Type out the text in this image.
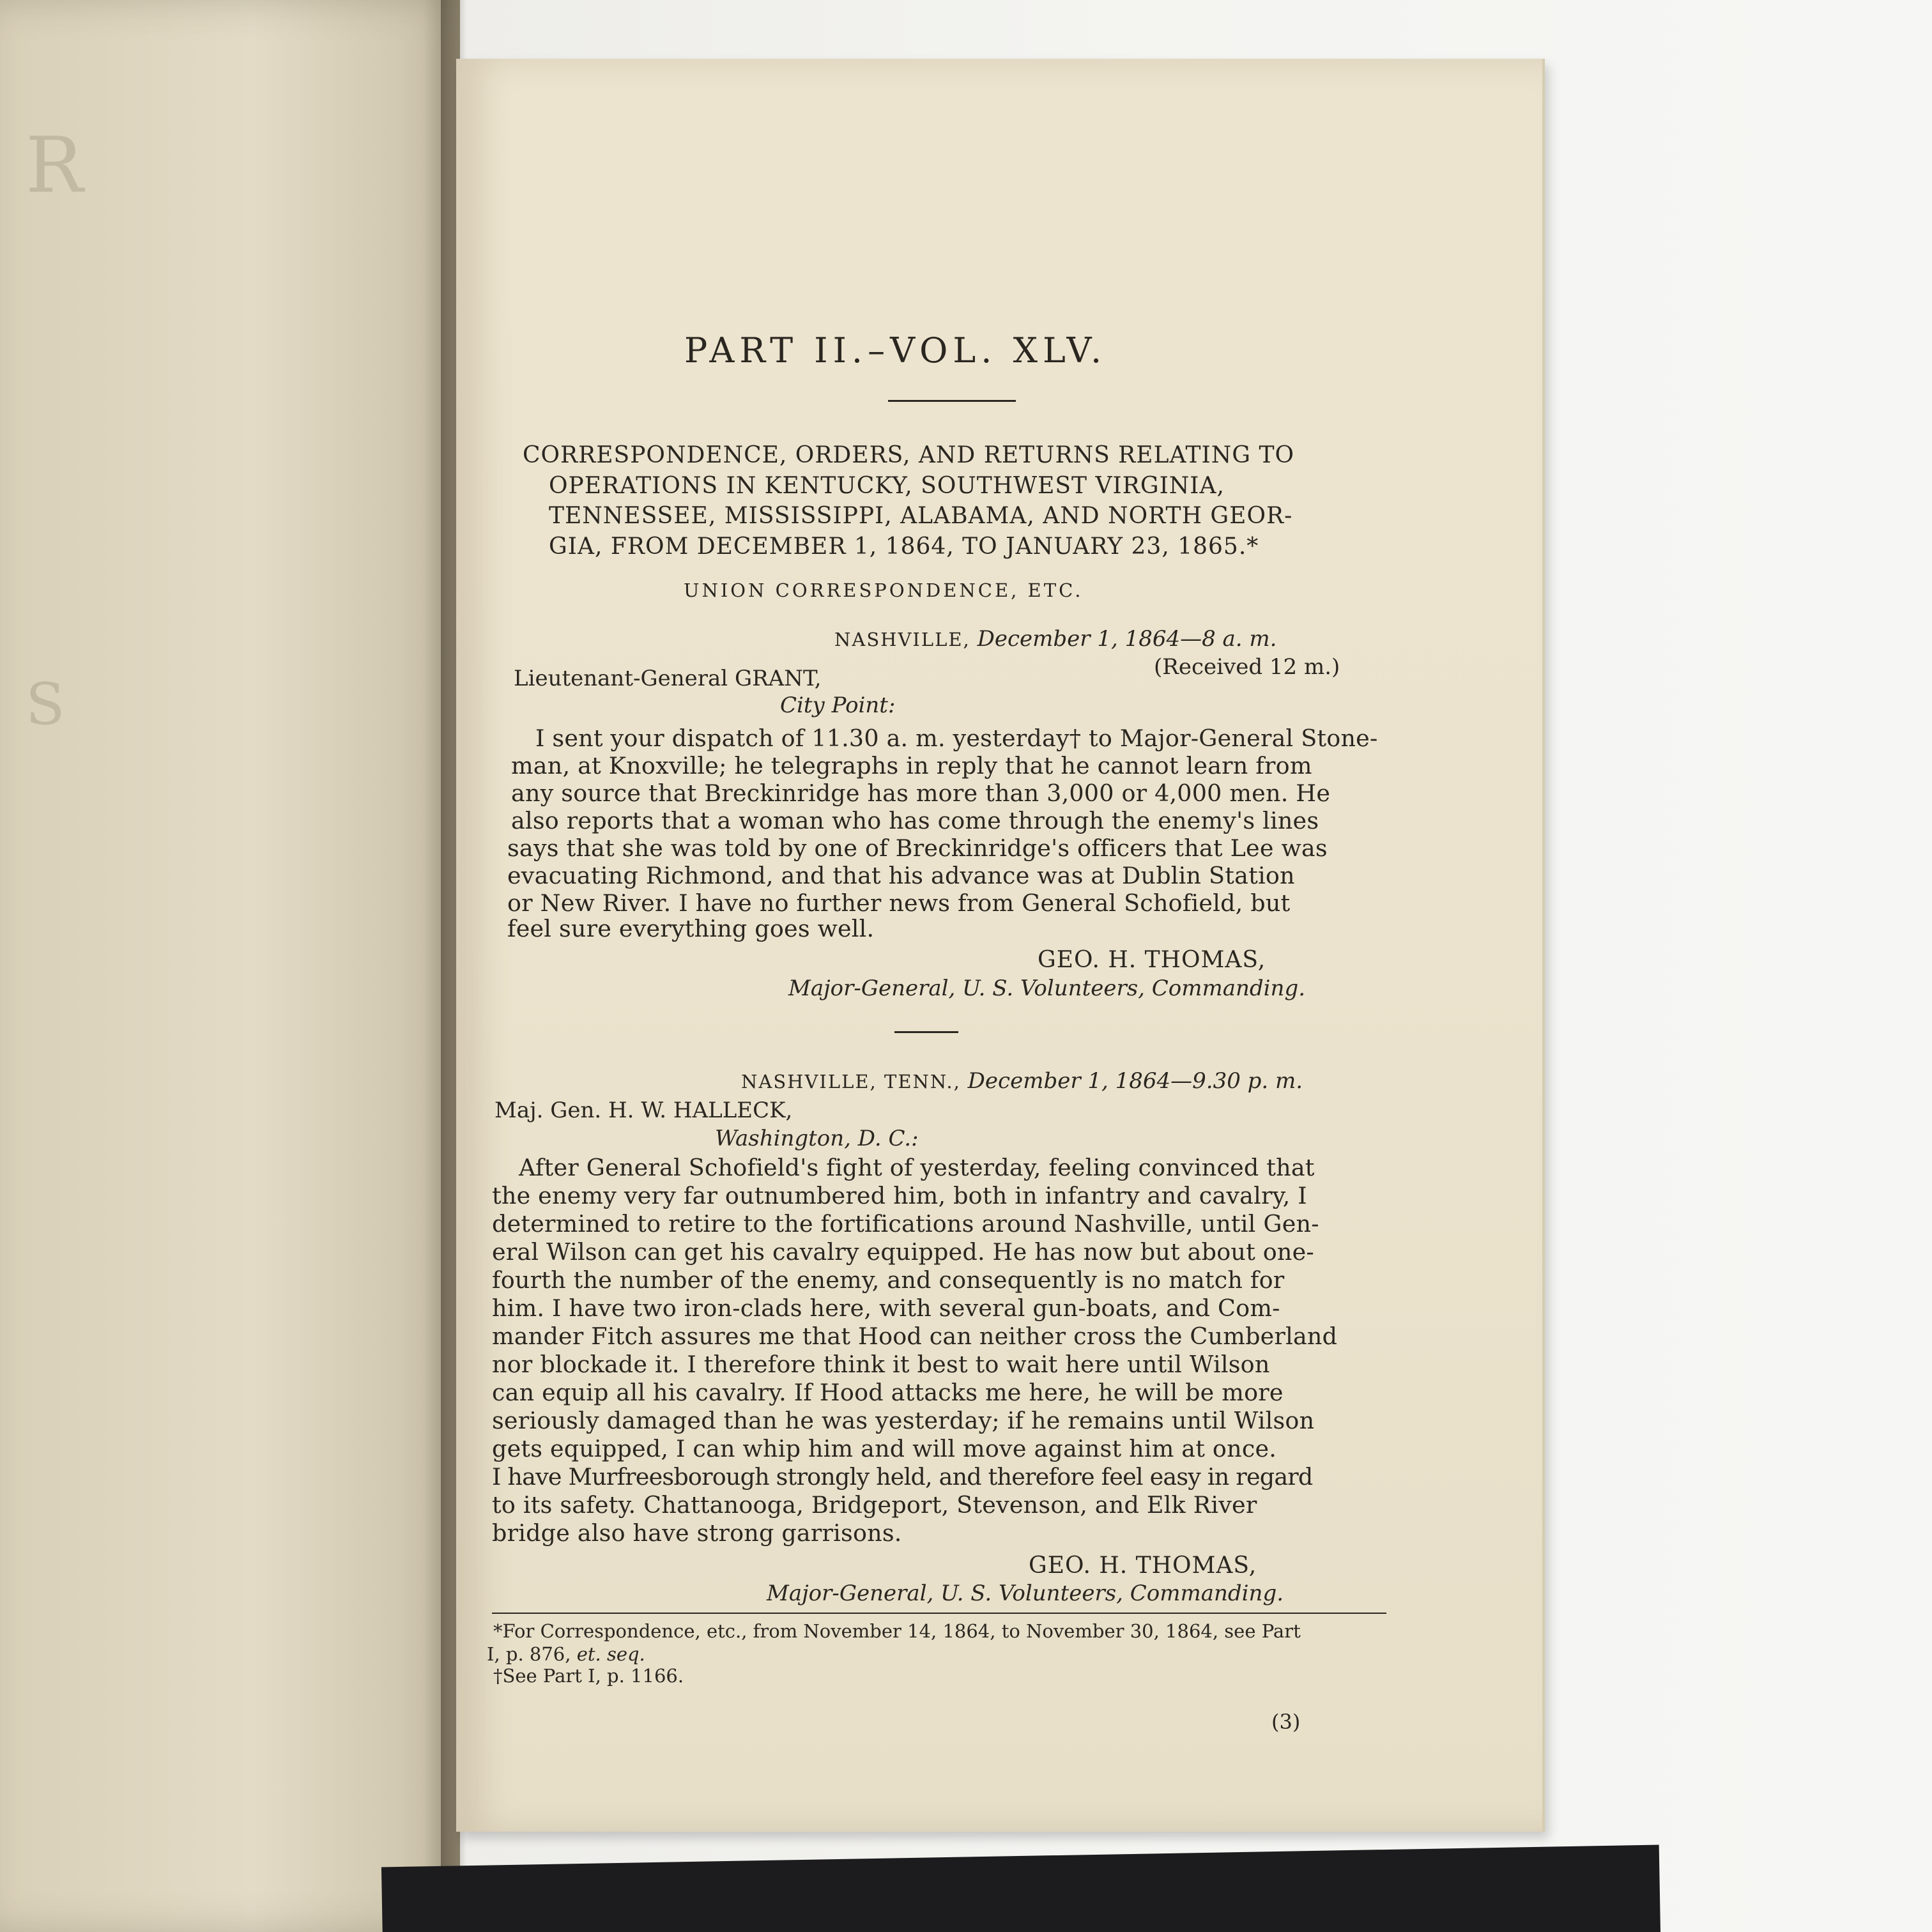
R
S
PART II.–VOL. XLV.
CORRESPONDENCE, ORDERS, AND RETURNS RELATING TO
OPERATIONS IN KENTUCKY, SOUTHWEST VIRGINIA,
TENNESSEE, MISSISSIPPI, ALABAMA, AND NORTH GEOR-
GIA, FROM DECEMBER 1, 1864, TO JANUARY 23, 1865.*
UNION CORRESPONDENCE, ETC.
NASHVILLE, December 1, 1864—8 a. m.
(Received 12 m.)
Lieutenant-General GRANT,
City Point:
I sent your dispatch of 11.30 a. m. yesterday† to Major-General Stone-
man, at Knoxville; he telegraphs in reply that he cannot learn from
any source that Breckinridge has more than 3,000 or 4,000 men. He
also reports that a woman who has come through the enemy's lines
says that she was told by one of Breckinridge's officers that Lee was
evacuating Richmond, and that his advance was at Dublin Station
or New River. I have no further news from General Schofield, but
feel sure everything goes well.
GEO. H. THOMAS,
Major-General, U. S. Volunteers, Commanding.
NASHVILLE, TENN., December 1, 1864—9.30 p. m.
Maj. Gen. H. W. HALLECK,
Washington, D. C.:
After General Schofield's fight of yesterday, feeling convinced that
the enemy very far outnumbered him, both in infantry and cavalry, I
determined to retire to the fortifications around Nashville, until Gen-
eral Wilson can get his cavalry equipped. He has now but about one-
fourth the number of the enemy, and consequently is no match for
him. I have two iron-clads here, with several gun-boats, and Com-
mander Fitch assures me that Hood can neither cross the Cumberland
nor blockade it. I therefore think it best to wait here until Wilson
can equip all his cavalry. If Hood attacks me here, he will be more
seriously damaged than he was yesterday; if he remains until Wilson
gets equipped, I can whip him and will move against him at once.
I have Murfreesborough strongly held, and therefore feel easy in regard
to its safety. Chattanooga, Bridgeport, Stevenson, and Elk River
bridge also have strong garrisons.
GEO. H. THOMAS,
Major-General, U. S. Volunteers, Commanding.
*For Correspondence, etc., from November 14, 1864, to November 30, 1864, see Part
I, p. 876, et. seq.
†See Part I, p. 1166.
(3)
